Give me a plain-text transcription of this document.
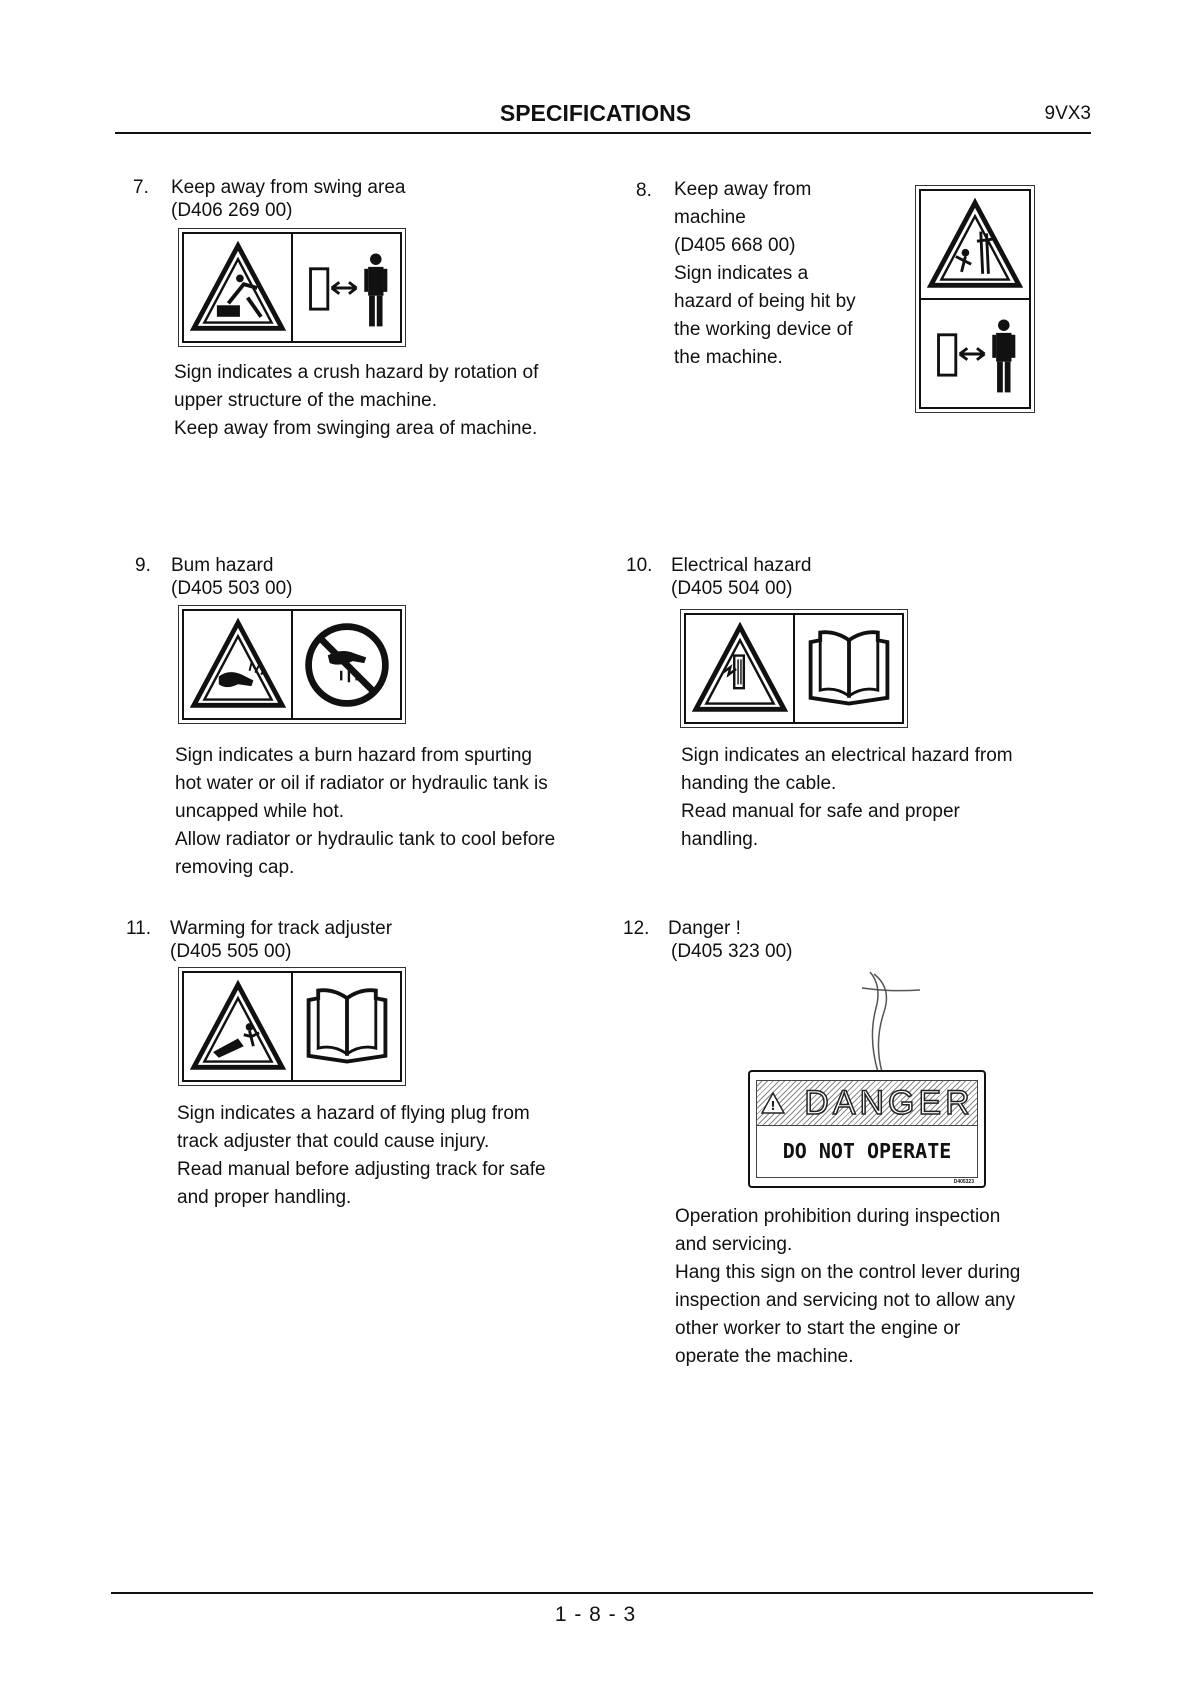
SPECIFICATIONS	9VX3
7. Keep away from swing area
(D406 269 00)
Sign indicates a crush hazard by rotation of
upper structure of the machine.
Keep away from swinging area of machine.
8. Keep away from
machine
(D405 668 00)
Sign indicates a
hazard of being hit by
the working device of
the machine.
9. Bum hazard
(D405 503 00)
Sign indicates a burn hazard from spurting
hot water or oil if radiator or hydraulic tank is
uncapped while hot.
Allow radiator or hydraulic tank to cool before
removing cap.
10. Electrical hazard
(D405 504 00)
Sign indicates an electrical hazard from
handing the cable.
Read manual for safe and proper
handling.
11. Warming for track adjuster
(D405 505 00)
Sign indicates a hazard of flying plug from
track adjuster that could cause injury.
Read manual before adjusting track for safe
and proper handling.
12. Danger !
(D405 323 00)
! DANGER
DO NOT OPERATE
D405323
Operation prohibition during inspection
and servicing.
Hang this sign on the control lever during
inspection and servicing not to allow any
other worker to start the engine or
operate the machine.
1 - 8 - 3
